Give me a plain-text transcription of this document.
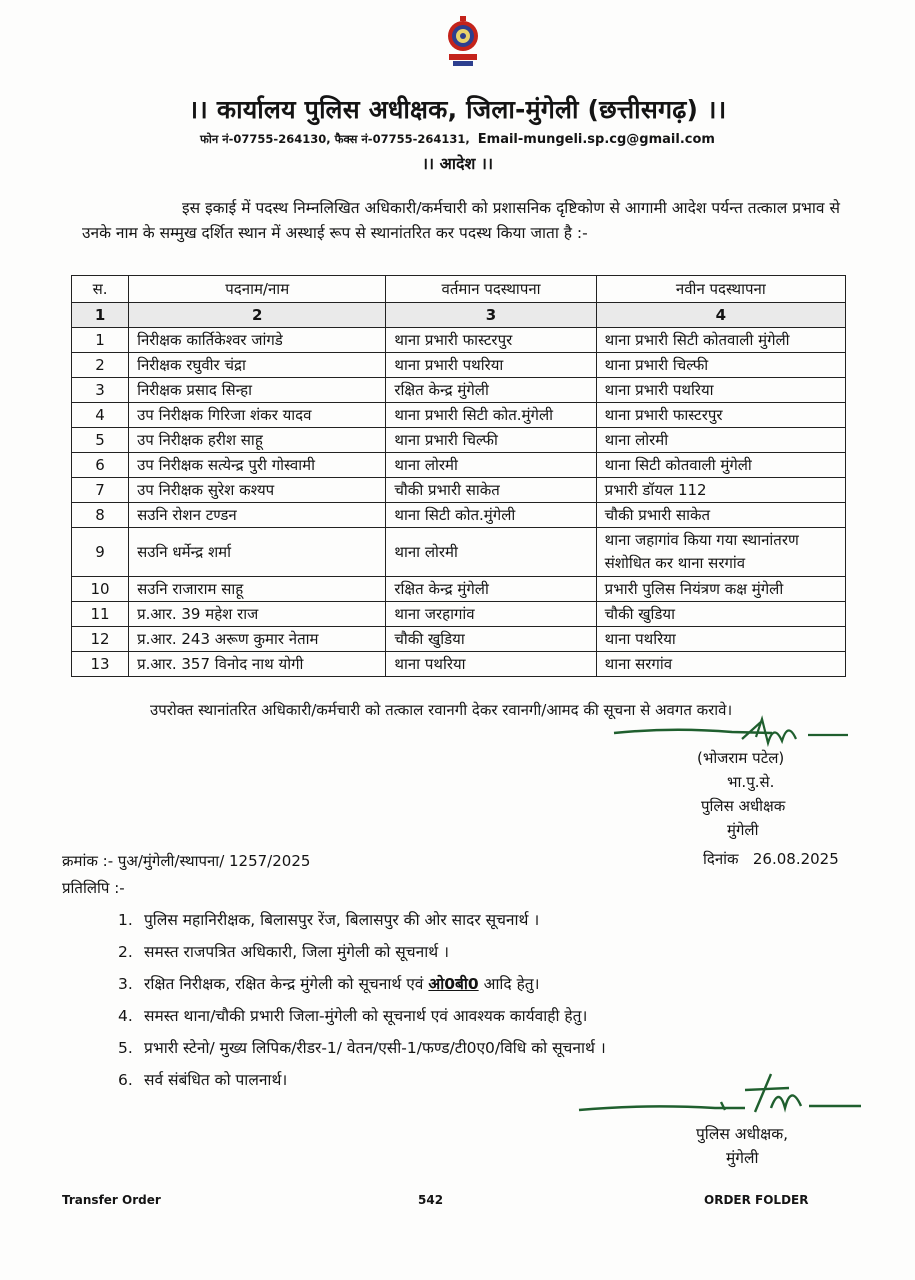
।। कार्यालय पुलिस अधीक्षक, जिला-मुंगेली (छत्तीसगढ़) ।।
फोन नं-07755-264130, फैक्स नं-07755-264131, Email-mungeli.sp.cg@gmail.com
।। आदेश ।।
इस इकाई में पदस्थ निम्नलिखित अधिकारी/कर्मचारी को प्रशासनिक दृष्टिकोण से आगामी आदेश पर्यन्त तत्काल प्रभाव से उनके नाम के सम्मुख दर्शित स्थान में अस्थाई रूप से स्थानांतरित कर पदस्थ किया जाता है :-
स.	पदनाम/नाम	वर्तमान पदस्थापना	नवीन पदस्थापना
1	2	3	4
1	निरीक्षक कार्तिकेश्वर जांगडे	थाना प्रभारी फास्टरपुर	थाना प्रभारी सिटी कोतवाली मुंगेली
2	निरीक्षक रघुवीर चंद्रा	थाना प्रभारी पथरिया	थाना प्रभारी चिल्फी
3	निरीक्षक प्रसाद सिन्हा	रक्षित केन्द्र मुंगेली	थाना प्रभारी पथरिया
4	उप निरीक्षक गिरिजा शंकर यादव	थाना प्रभारी सिटी कोत.मुंगेली	थाना प्रभारी फास्टरपुर
5	उप निरीक्षक हरीश साहू	थाना प्रभारी चिल्फी	थाना लोरमी
6	उप निरीक्षक सत्येन्द्र पुरी गोस्वामी	थाना लोरमी	थाना सिटी कोतवाली मुंगेली
7	उप निरीक्षक सुरेश कश्यप	चौकी प्रभारी साकेत	प्रभारी डॉयल 112
8	सउनि रोशन टण्डन	थाना सिटी कोत.मुंगेली	चौकी प्रभारी साकेत
9	सउनि धर्मेन्द्र शर्मा	थाना लोरमी	थाना जहागांव किया गया स्थानांतरण संशोधित कर थाना सरगांव
10	सउनि राजाराम साहू	रक्षित केन्द्र मुंगेली	प्रभारी पुलिस नियंत्रण कक्ष मुंगेली
11	प्र.आर. 39 महेश राज	थाना जरहागांव	चौकी खुडिया
12	प्र.आर. 243 अरूण कुमार नेताम	चौकी खुडिया	थाना पथरिया
13	प्र.आर. 357 विनोद नाथ योगी	थाना पथरिया	थाना सरगांव
उपरोक्त स्थानांतरित अधिकारी/कर्मचारी को तत्काल रवानगी देकर रवानगी/आमद की सूचना से अवगत करावे।
(भोजराम पटेल)
भा.पु.से.
पुलिस अधीक्षक
मुंगेली
क्रमांक :- पुअ/मुंगेली/स्थापना/ 1257/2025	दिनांक   26.08.2025
प्रतिलिपि :-
1. पुलिस महानिरीक्षक, बिलासपुर रेंज, बिलासपुर की ओर सादर सूचनार्थ ।
2. समस्त राजपत्रित अधिकारी, जिला मुंगेली को सूचनार्थ ।
3. रक्षित निरीक्षक, रक्षित केन्द्र मुंगेली को सूचनार्थ एवं ओ0बी0 आदि हेतु।
4. समस्त थाना/चौकी प्रभारी जिला-मुंगेली को सूचनार्थ एवं आवश्यक कार्यवाही हेतु।
5. प्रभारी स्टेनो/ मुख्य लिपिक/रीडर-1/ वेतन/एसी-1/फण्ड/टी0ए0/विधि को सूचनार्थ ।
6. सर्व संबंधित को पालनार्थ।
पुलिस अधीक्षक,
मुंगेली
Transfer Order	542	ORDER FOLDER
